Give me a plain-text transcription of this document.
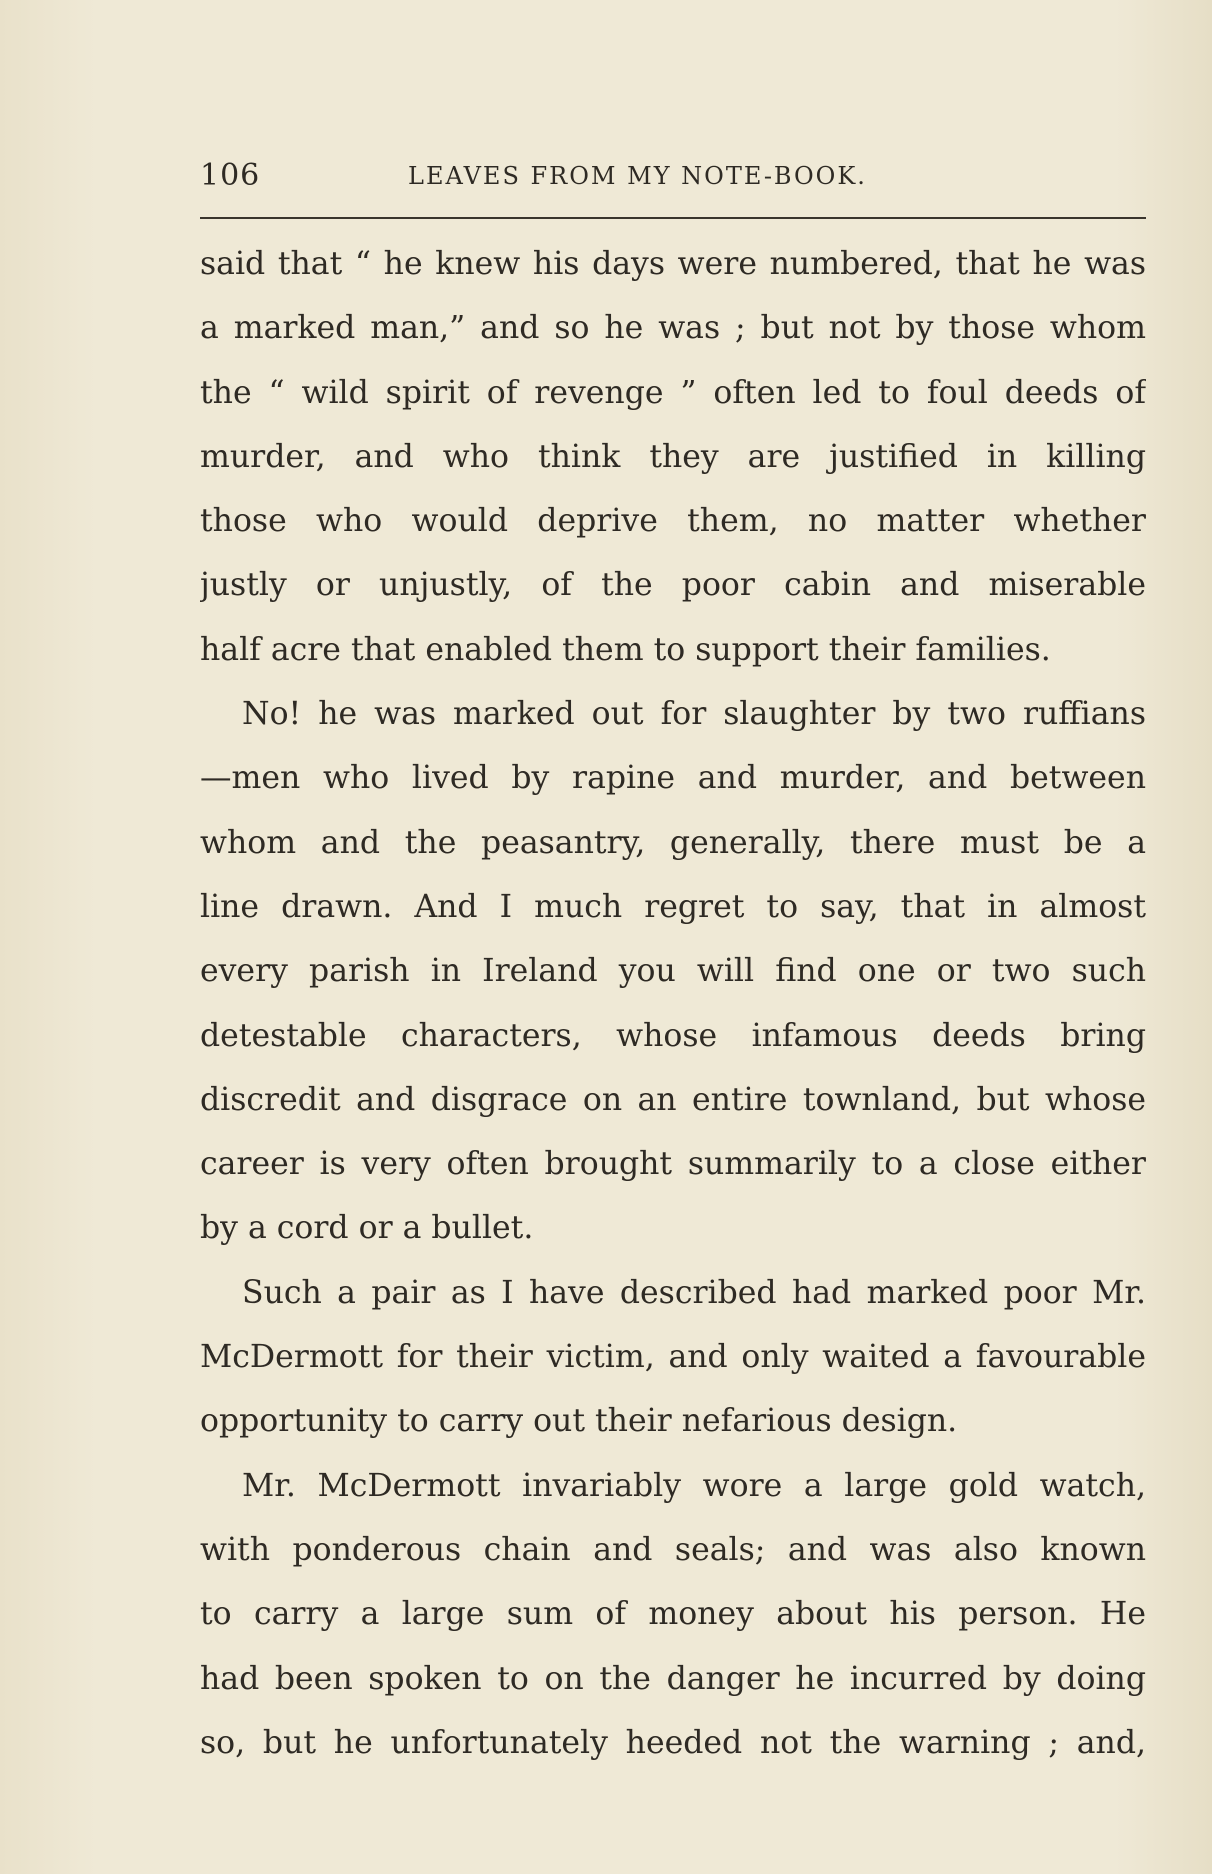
106	LEAVES FROM MY NOTE-BOOK.
said that “ he knew his days were numbered, that he was
a marked man,” and so he was ; but not by those whom
the “ wild spirit of revenge ” often led to foul deeds of
murder, and who think they are justified in killing
those who would deprive them, no matter whether
justly or unjustly, of the poor cabin and miserable
half acre that enabled them to support their families.
No! he was marked out for slaughter by two ruffians
—men who lived by rapine and murder, and between
whom and the peasantry, generally, there must be a
line drawn. And I much regret to say, that in almost
every parish in Ireland you will find one or two such
detestable characters, whose infamous deeds bring
discredit and disgrace on an entire townland, but whose
career is very often brought summarily to a close either
by a cord or a bullet.
Such a pair as I have described had marked poor Mr.
McDermott for their victim, and only waited a favourable
opportunity to carry out their nefarious design.
Mr. McDermott invariably wore a large gold watch,
with ponderous chain and seals; and was also known
to carry a large sum of money about his person. He
had been spoken to on the danger he incurred by doing
so, but he unfortunately heeded not the warning ; and,
